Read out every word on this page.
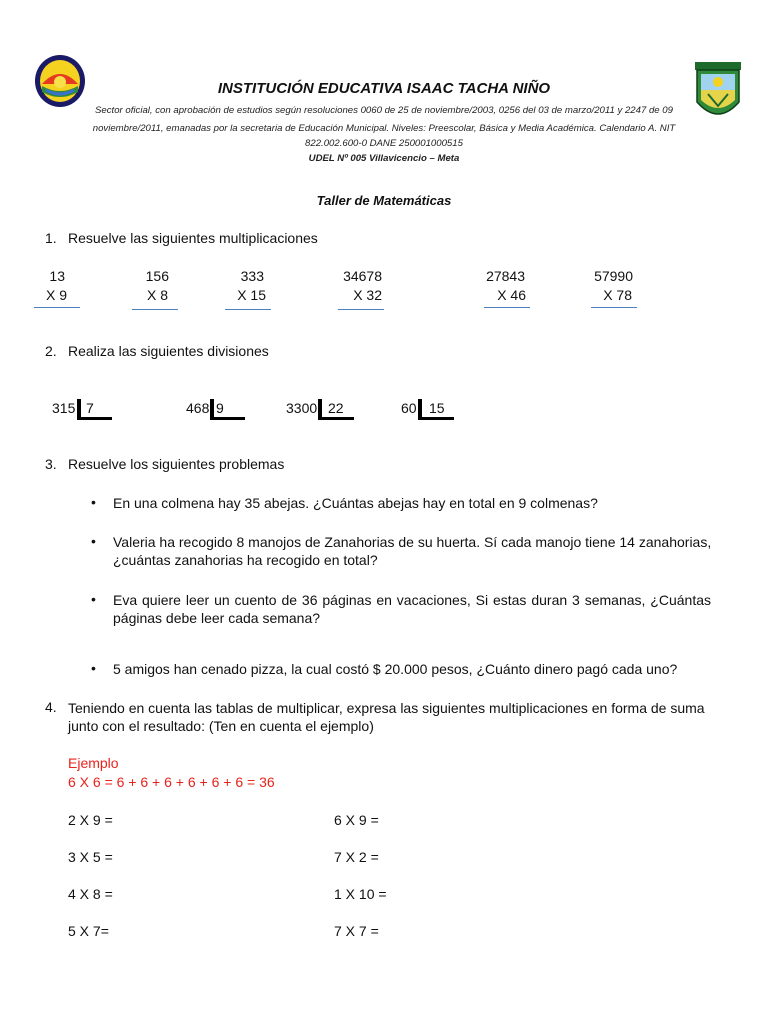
INSTITUCIÓN EDUCATIVA ISAAC TACHA NIÑO
Sector oficial, con aprobación de estudios según resoluciones 0060 de 25 de noviembre/2003, 0256 del 03 de marzo/2011 y 2247 de 09
noviembre/2011, emanadas por la secretaria de Educación Municipal. Niveles: Preescolar, Básica y Media Académica. Calendario A. NIT
822.002.600-0 DANE 250001000515
UDEL Nº 005 Villavicencio – Meta
Taller de Matemáticas
1. Resuelve las siguientes multiplicaciones
13
X 9
156
X 8
333
X 15
34678
X 32
27843
X 46
57990
X 78
2. Realiza las siguientes divisiones
315 7	468 9	3300 22	60 15
3. Resuelve los siguientes problemas
• En una colmena hay 35 abejas. ¿Cuántas abejas hay en total en 9 colmenas?
• Valeria ha recogido 8 manojos de Zanahorias de su huerta. Sí cada manojo tiene 14 zanahorias,
¿cuántas zanahorias ha recogido en total?
• Eva quiere leer un cuento de 36 páginas en vacaciones, Si estas duran 3 semanas, ¿Cuántas
páginas debe leer cada semana?
• 5 amigos han cenado pizza, la cual costó $ 20.000 pesos, ¿Cuánto dinero pagó cada uno?
4. Teniendo en cuenta las tablas de multiplicar, expresa las siguientes multiplicaciones en forma de suma
junto con el resultado: (Ten en cuenta el ejemplo)
Ejemplo
6 X 6 = 6 + 6 + 6 + 6 + 6 + 6 = 36
2 X 9 =
3 X 5 =
4 X 8 =
5 X 7=
6 X 9 =
7 X 2 =
1 X 10 =
7 X 7 =
